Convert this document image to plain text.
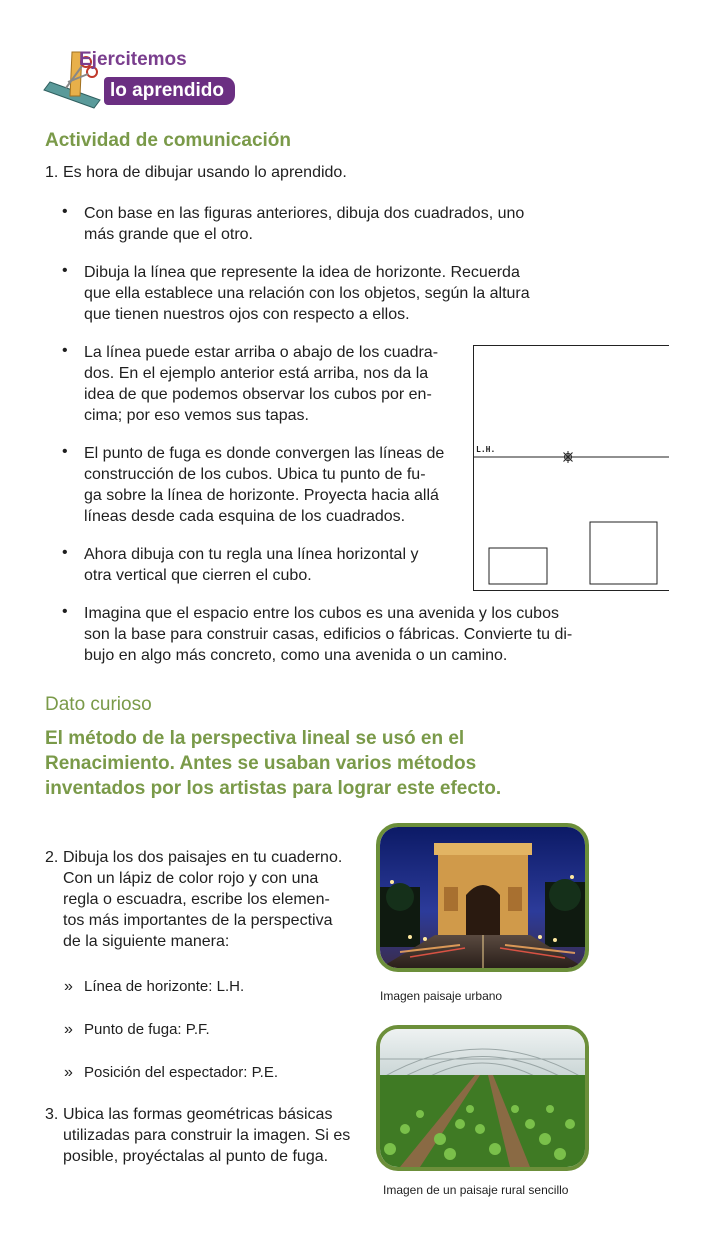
Ejercitemos
lo aprendido
Actividad de comunicación
1. Es hora de dibujar usando lo aprendido.
• Con base en las figuras anteriores, dibuja dos cuadrados, uno
más grande que el otro.
• Dibuja la línea que represente la idea de horizonte. Recuerda
que ella establece una relación con los objetos, según la altura
que tienen nuestros ojos con respecto a ellos.
• La línea puede estar arriba o abajo de los cuadra-
dos. En el ejemplo anterior está arriba, nos da la
idea de que podemos observar los cubos por en-
cima; por eso vemos sus tapas.
• El punto de fuga es donde convergen las líneas de
construcción de los cubos. Ubica tu punto de fu-
ga sobre la línea de horizonte. Proyecta hacia allá
líneas desde cada esquina de los cuadrados.
• Ahora dibuja con tu regla una línea horizontal y
otra vertical que cierren el cubo.
• Imagina que el espacio entre los cubos es una avenida y los cubos
son la base para construir casas, edificios o fábricas. Convierte tu di-
bujo en algo más concreto, como una avenida o un camino.
L.H.
Dato curioso
El método de la perspectiva lineal se usó en el
Renacimiento. Antes se usaban varios métodos
inventados por los artistas para lograr este efecto.
2. Dibuja los dos paisajes en tu cuaderno.
Con un lápiz de color rojo y con una
regla o escuadra, escribe los elemen-
tos más importantes de la perspectiva
de la siguiente manera:
» Línea de horizonte: L.H.
» Punto de fuga: P.F.
» Posición del espectador: P.E.
3. Ubica las formas geométricas básicas
utilizadas para construir la imagen. Si es
posible, proyéctalas al punto de fuga.
Imagen paisaje urbano
Imagen de un paisaje rural sencillo
